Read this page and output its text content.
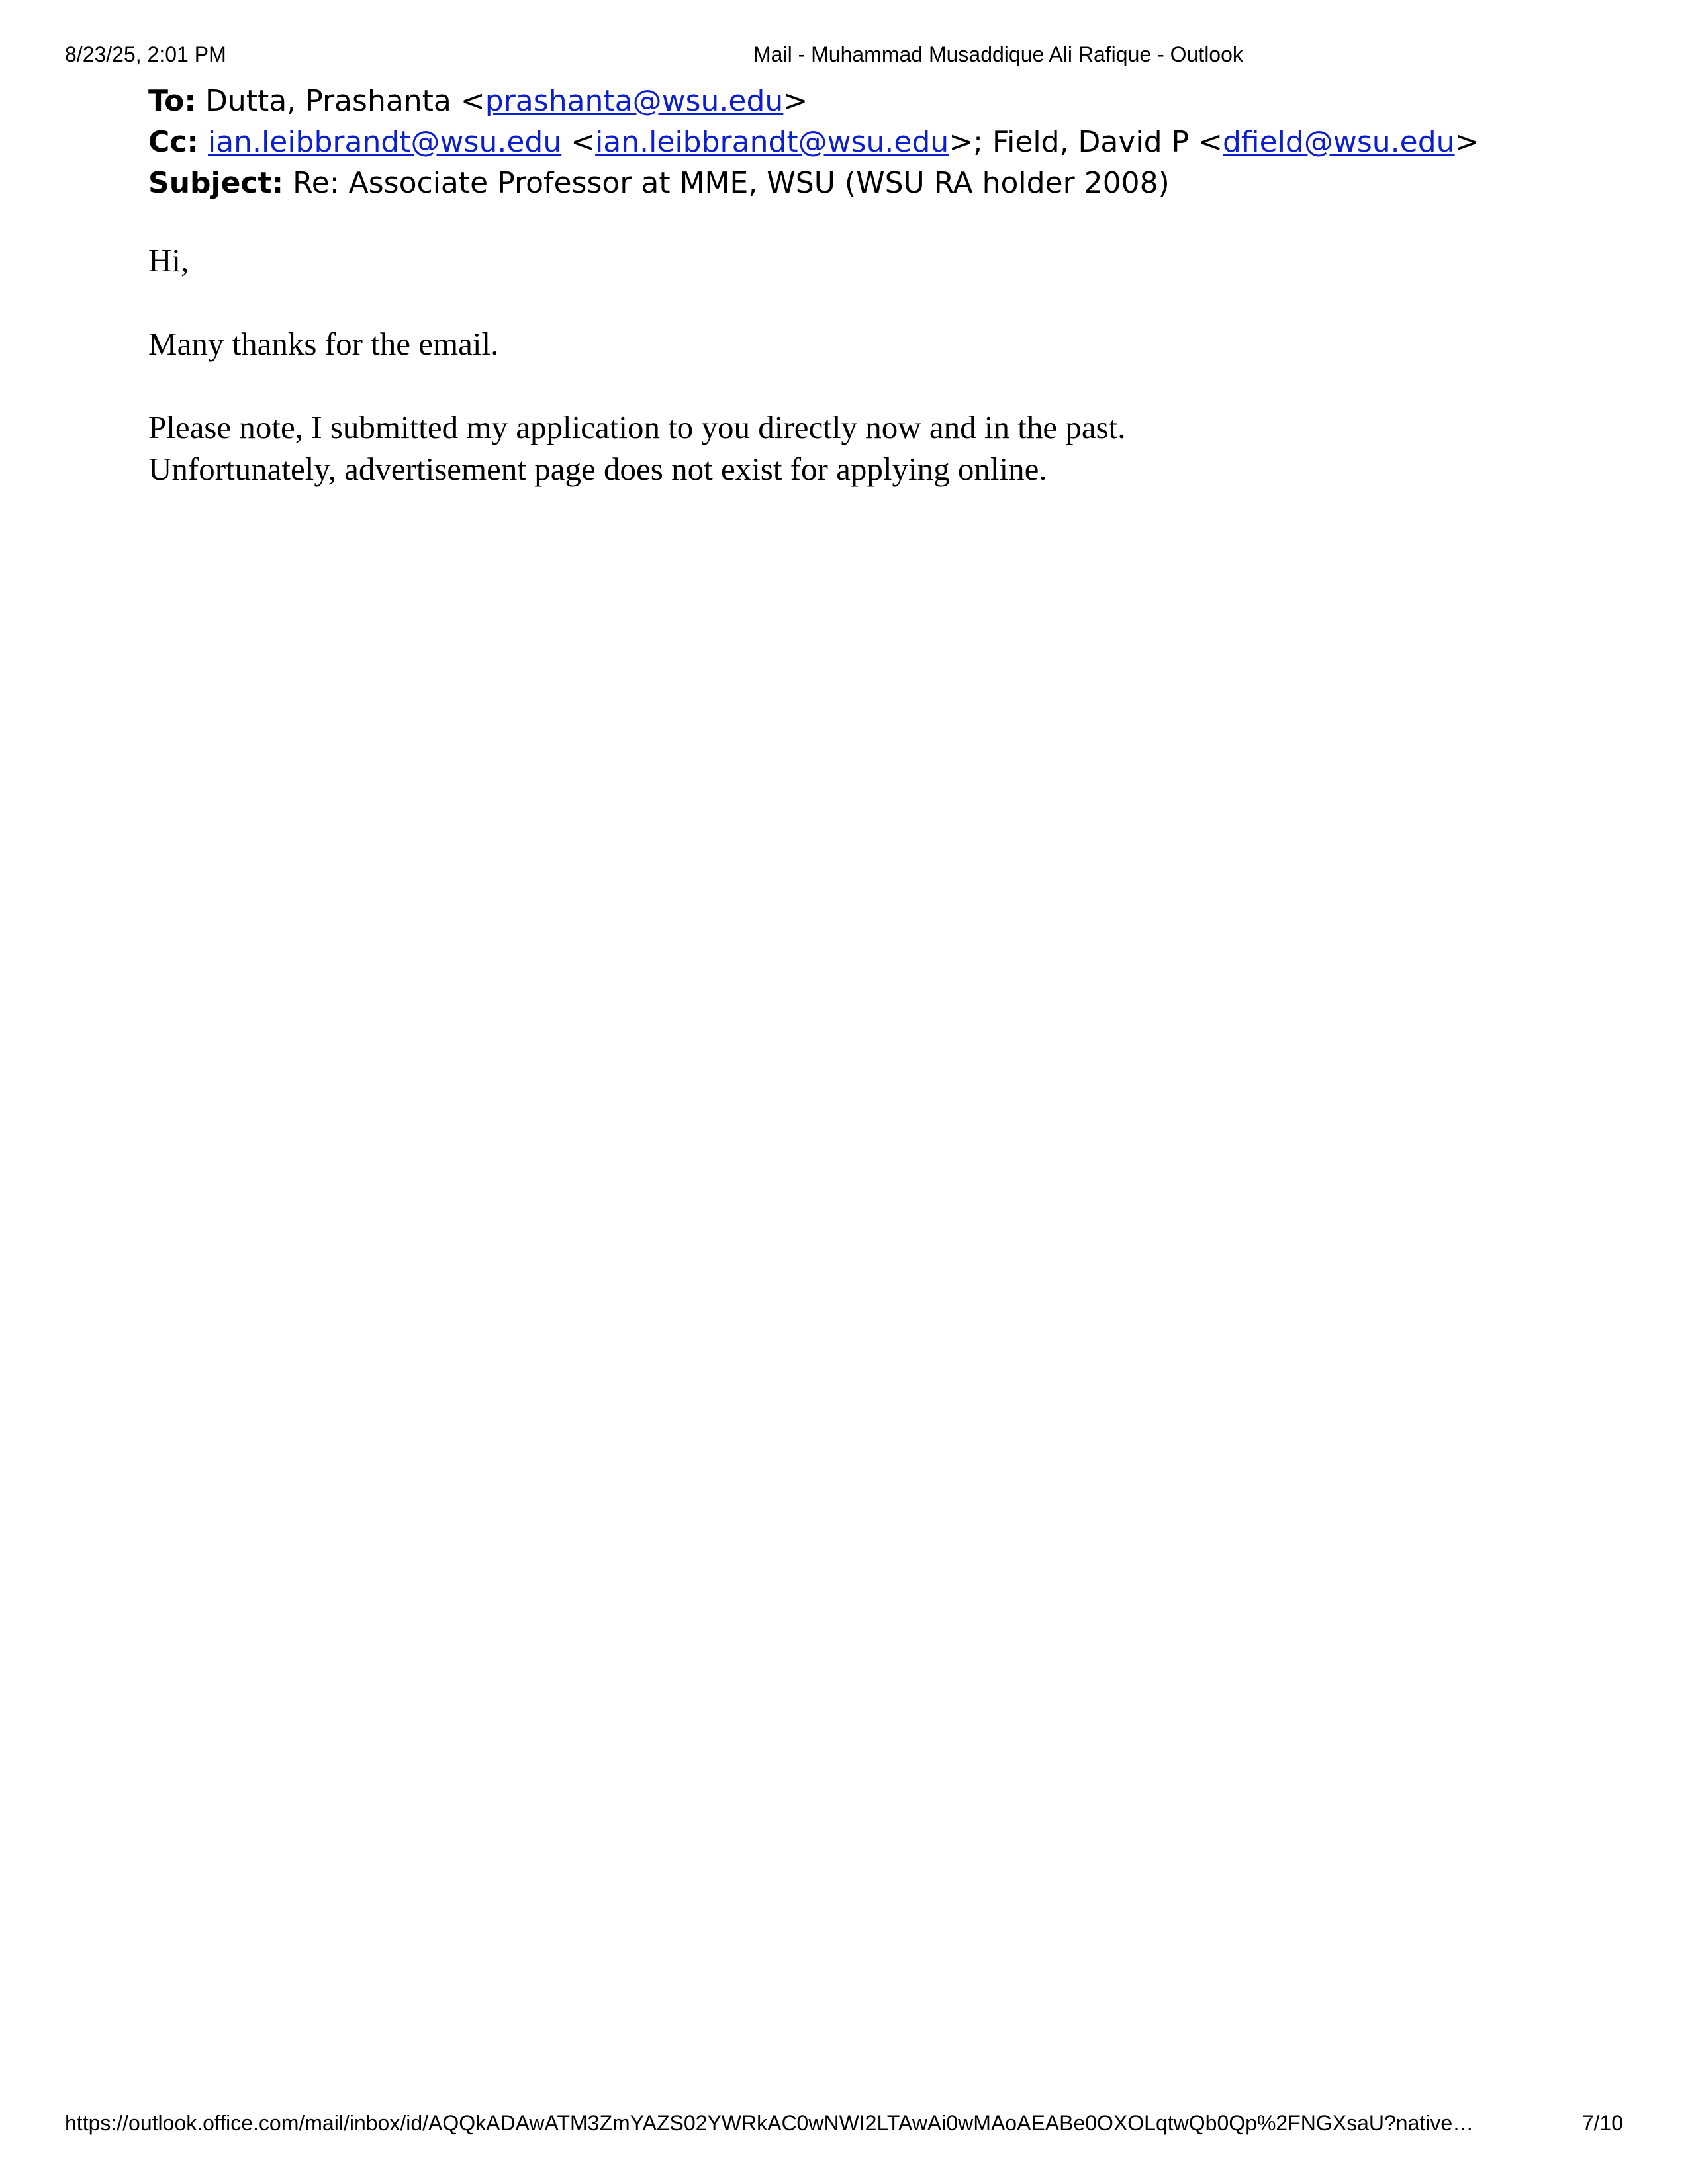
8/23/25, 2:01 PM	Mail - Muhammad Musaddique Ali Rafique - Outlook
To: Dutta, Prashanta <prashanta@wsu.edu>
Cc: ian.leibbrandt@wsu.edu <ian.leibbrandt@wsu.edu>; Field, David P <dfield@wsu.edu>
Subject: Re: Associate Professor at MME, WSU (WSU RA holder 2008)

Hi,

Many thanks for the email.

Please note, I submitted my application to you directly now and in the past.
Unfortunately, advertisement page does not exist for applying online.

https://outlook.office.com/mail/inbox/id/AQQkADAwATM3ZmYAZS02YWRkAC0wNWI2LTAwAi0wMAoAEABe0OXOLqtwQb0Qp%2FNGXsaU?native…	7/10
